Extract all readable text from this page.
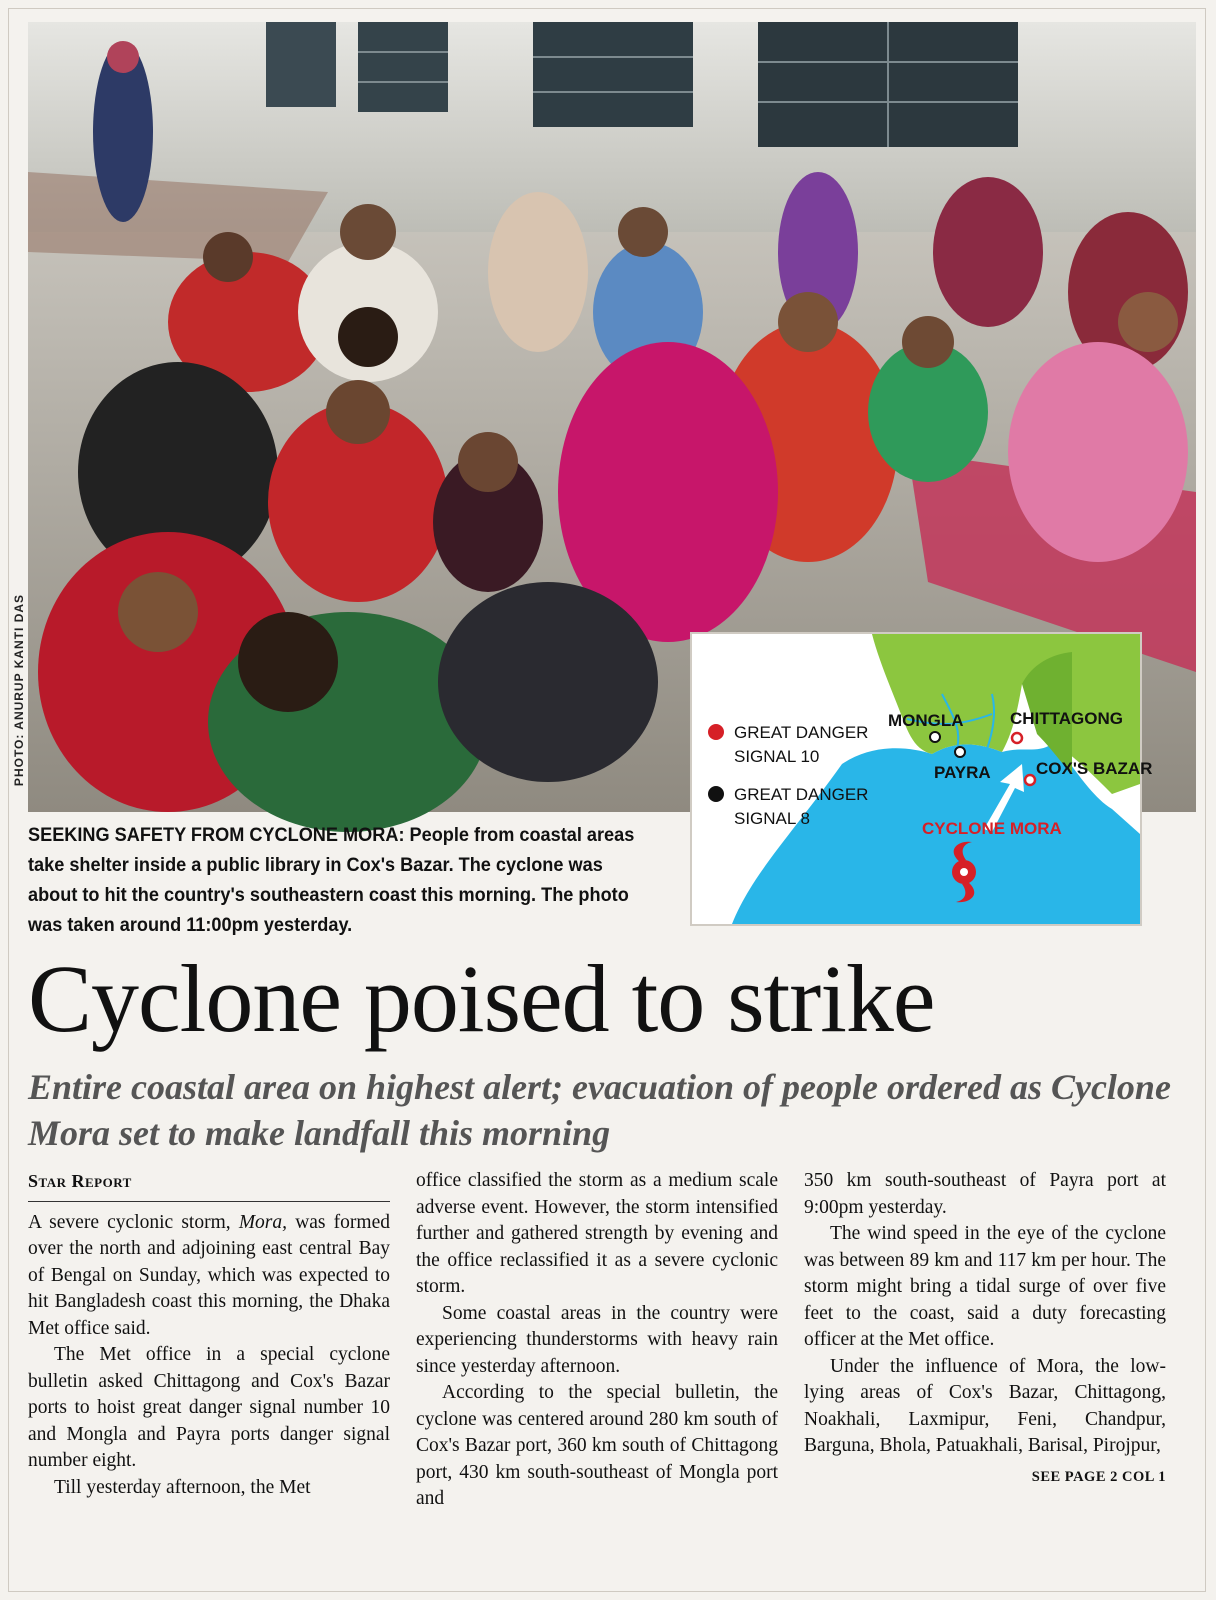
PHOTO: ANURUP KANTI DAS
SEEKING SAFETY FROM CYCLONE MORA: People from coastal areas take shelter inside a public library in Cox's Bazar. The cyclone was about to hit the country's southeastern coast this morning. The photo was taken around 11:00pm yesterday.
MONGLA
PAYRA
CHITTAGONG
COX'S BAZAR
CYCLONE MORA
GREAT DANGER
SIGNAL 10
GREAT DANGER
SIGNAL 8
Cyclone poised to strike
Entire coastal area on highest alert; evacuation of people ordered as Cyclone Mora set to make landfall this morning
Star Report

A severe cyclonic storm, Mora, was formed over the north and adjoining east central Bay of Bengal on Sunday, which was expected to hit Bangladesh coast this morning, the Dhaka Met office said.

The Met office in a special cyclone bulletin asked Chittagong and Cox's Bazar ports to hoist great danger signal number 10 and Mongla and Payra ports danger signal number eight.

Till yesterday afternoon, the Met

office classified the storm as a medium scale adverse event. However, the storm intensified further and gathered strength by evening and the office reclassified it as a severe cyclonic storm.

Some coastal areas in the country were experiencing thunderstorms with heavy rain since yesterday afternoon.

According to the special bulletin, the cyclone was centered around 280 km south of Cox's Bazar port, 360 km south of Chittagong port, 430 km south-southeast of Mongla port and

350 km south-southeast of Payra port at 9:00pm yesterday.

The wind speed in the eye of the cyclone was between 89 km and 117 km per hour. The storm might bring a tidal surge of over five feet to the coast, said a duty forecasting officer at the Met office.

Under the influence of Mora, the low-lying areas of Cox's Bazar, Chittagong, Noakhali, Laxmipur, Feni, Chandpur, Barguna, Bhola, Patuakhali, Barisal, Pirojpur,

SEE PAGE 2 COL 1
